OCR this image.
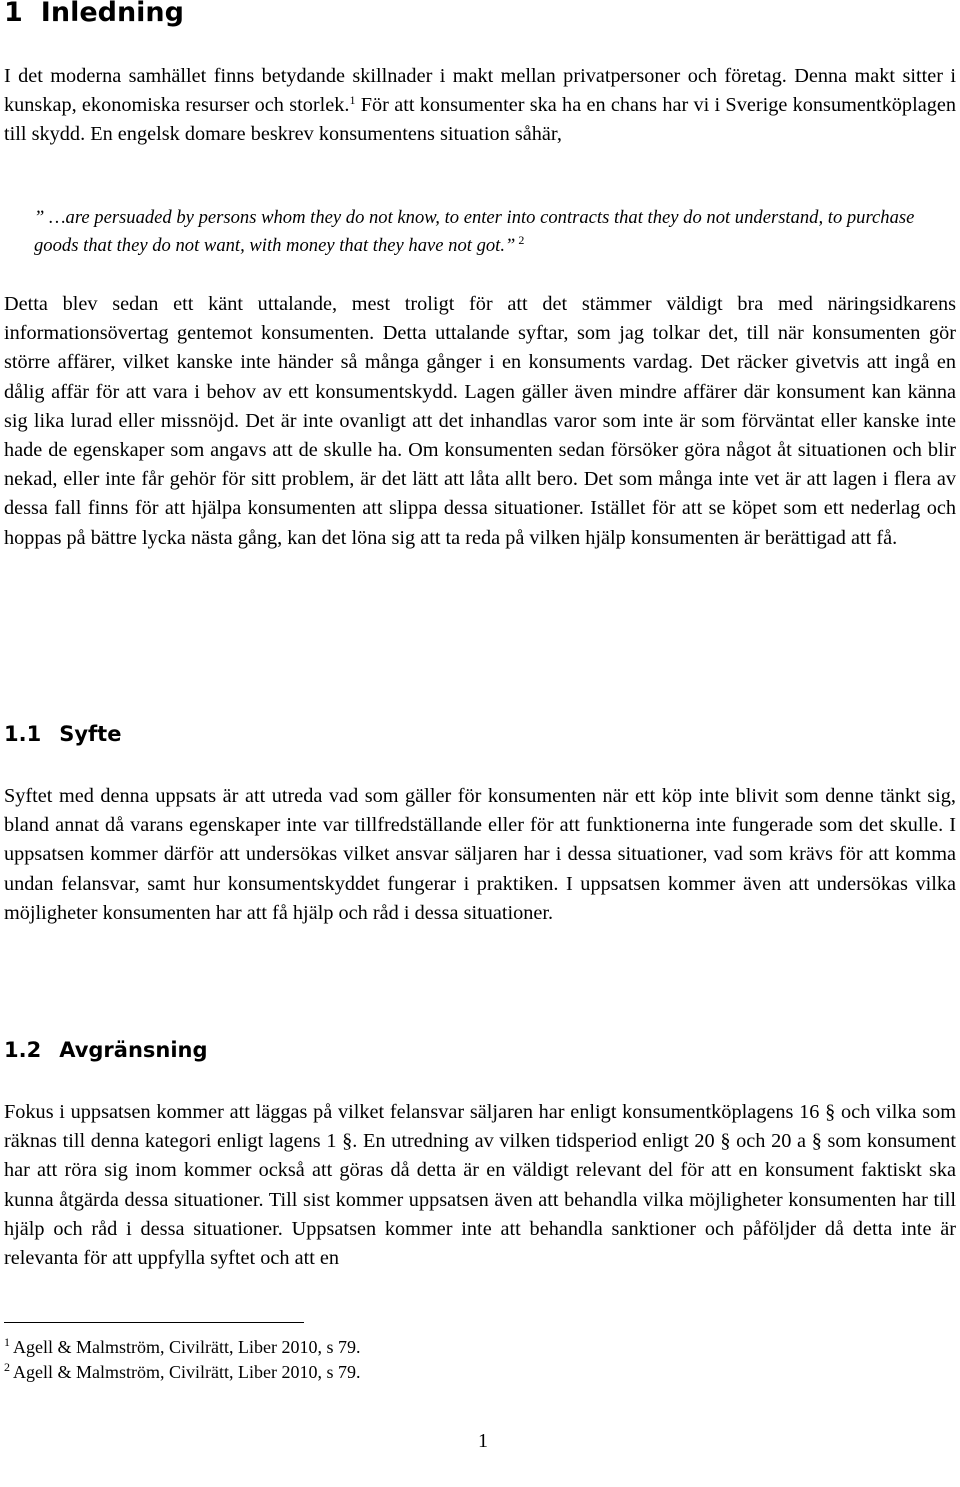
1 Inledning

I det moderna samhället finns betydande skillnader i makt mellan privatpersoner och företag. Denna makt sitter i kunskap, ekonomiska resurser och storlek.$^1$ För att konsumenter ska ha en chans har vi i Sverige konsumentköplagen till skydd. En engelsk domare beskrev konsumentens situation såhär,

” …are persuaded by persons whom they do not know, to enter into contracts that they do not understand, to purchase goods that they do not want, with money that they have not got.” $^2$

Detta blev sedan ett känt uttalande, mest troligt för att det stämmer väldigt bra med näringsidkarens informationsövertag gentemot konsumenten. Detta uttalande syftar, som jag tolkar det, till när konsumenten gör större affärer, vilket kanske inte händer så många gånger i en konsuments vardag. Det räcker givetvis att ingå en dålig affär för att vara i behov av ett konsumentskydd. Lagen gäller även mindre affärer där konsument kan känna sig lika lurad eller missnöjd. Det är inte ovanligt att det inhandlas varor som inte är som förväntat eller kanske inte hade de egenskaper som angavs att de skulle ha. Om konsumenten sedan försöker göra något åt situationen och blir nekad, eller inte får gehör för sitt problem, är det lätt att låta allt bero. Det som många inte vet är att lagen i flera av dessa fall finns för att hjälpa konsumenten att slippa dessa situationer. Istället för att se köpet som ett nederlag och hoppas på bättre lycka nästa gång, kan det löna sig att ta reda på vilken hjälp konsumenten är berättigad att få.

1.1 Syfte

Syftet med denna uppsats är att utreda vad som gäller för konsumenten när ett köp inte blivit som denne tänkt sig, bland annat då varans egenskaper inte var tillfredställande eller för att funktionerna inte fungerade som det skulle. I uppsatsen kommer därför att undersökas vilket ansvar säljaren har i dessa situationer, vad som krävs för att komma undan felansvar, samt hur konsumentskyddet fungerar i praktiken. I uppsatsen kommer även att undersökas vilka möjligheter konsumenten har att få hjälp och råd i dessa situationer.

1.2 Avgränsning

Fokus i uppsatsen kommer att läggas på vilket felansvar säljaren har enligt konsumentköplagens 16 § och vilka som räknas till denna kategori enligt lagens 1 §. En utredning av vilken tidsperiod enligt 20 § och 20 a § som konsument har att röra sig inom kommer också att göras då detta är en väldigt relevant del för att en konsument faktiskt ska kunna åtgärda dessa situationer. Till sist kommer uppsatsen även att behandla vilka möjligheter konsumenten har till hjälp och råd i dessa situationer. Uppsatsen kommer inte att behandla sanktioner och påföljder då detta inte är relevanta för att uppfylla syftet och att en

$^1$ Agell & Malmström, Civilrätt, Liber 2010, s 79.
$^2$ Agell & Malmström, Civilrätt, Liber 2010, s 79.
1
